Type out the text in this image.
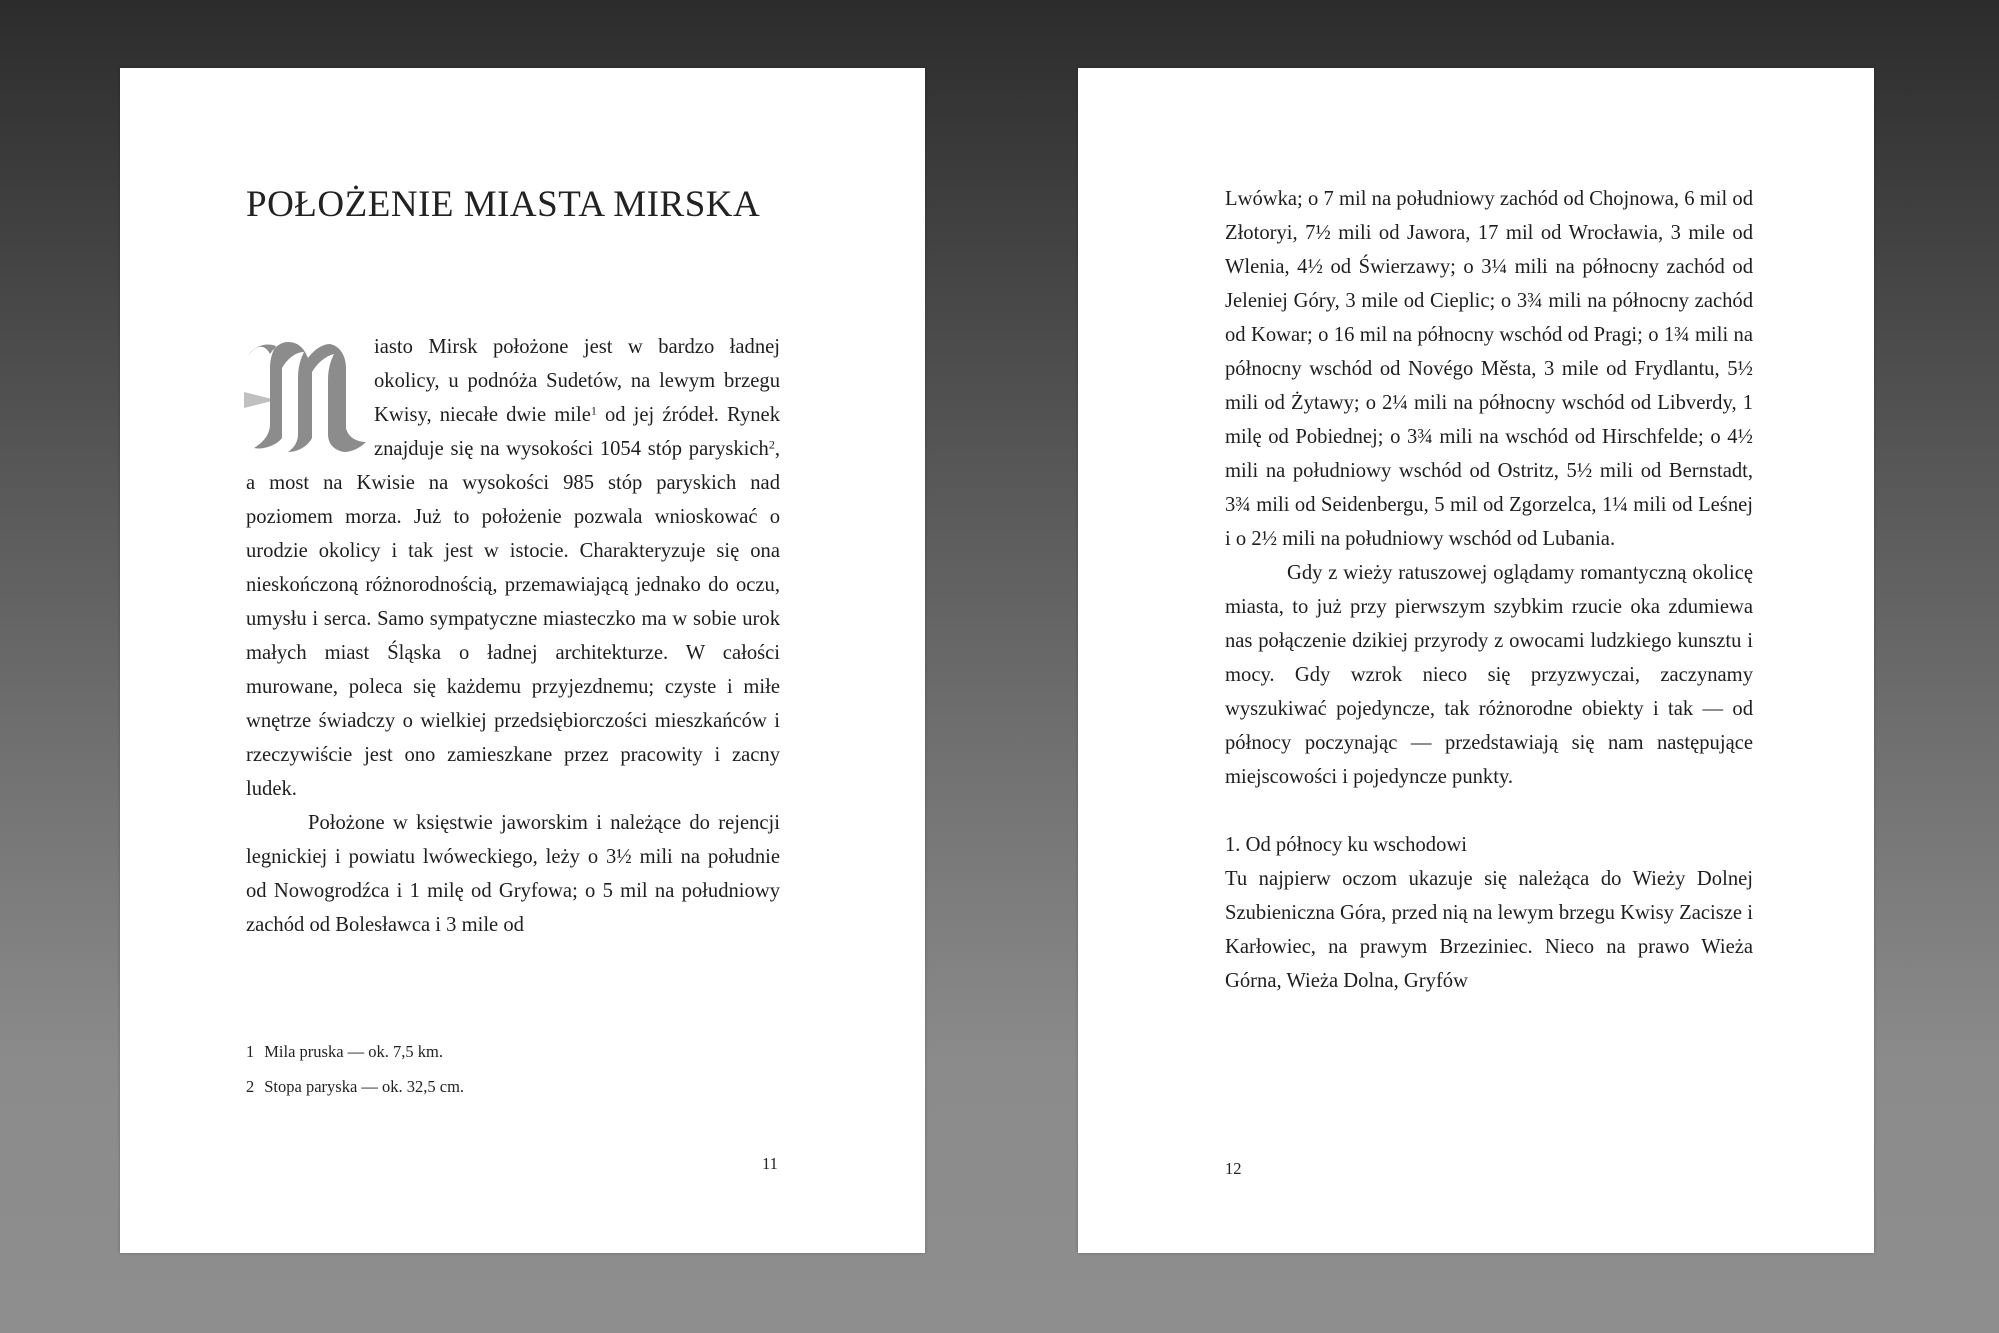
POŁOŻENIE MIASTA MIRSKA

iasto Mirsk położone jest w bardzo ładnej okolicy, u podnóża Sudetów, na lewym brzegu Kwisy, niecałe dwie mile$^1$ od jej źródeł. Rynek znajduje się na wysokości 1054 stóp paryskich$^2$, a most na Kwisie na wysokości 985 stóp paryskich nad poziomem morza. Już to położenie pozwala wnioskować o urodzie okolicy i tak jest w istocie. Charakteryzuje się ona nieskończoną różnorodnością, przemawiającą jednako do oczu, umysłu i serca. Samo sympatyczne miasteczko ma w sobie urok małych miast Śląska o ładnej architekturze. W całości murowane, poleca się każdemu przyjezdnemu; czyste i miłe wnętrze świadczy o wielkiej przedsiębiorczości mieszkańców i rzeczywiście jest ono zamieszkane przez pracowity i zacny ludek.

Położone w księstwie jaworskim i należące do rejencji legnickiej i powiatu lwóweckiego, leży o 3½ mili na południe od Nowogrodźca i 1 milę od Gryfowa; o 5 mil na południowy zachód od Bolesławca i 3 mile od

1 Mila pruska — ok. 7,5 km.
2 Stopa paryska — ok. 32,5 cm.
11

Lwówka; o 7 mil na południowy zachód od Chojnowa, 6 mil od Złotoryi, 7½ mili od Jawora, 17 mil od Wrocławia, 3 mile od Wlenia, 4½ od Świerzawy; o 3¼ mili na północny zachód od Jeleniej Góry, 3 mile od Cieplic; o 3¾ mili na północny zachód od Kowar; o 16 mil na północny wschód od Pragi; o 1¾ mili na północny wschód od Novégo Města, 3 mile od Frydlantu, 5½ mili od Żytawy; o 2¼ mili na północny wschód od Libverdy, 1 milę od Pobiednej; o 3¾ mili na wschód od Hirschfelde; o 4½ mili na południowy wschód od Ostritz, 5½ mili od Bernstadt, 3¾ mili od Seidenbergu, 5 mil od Zgorzelca, 1¼ mili od Leśnej i o 2½ mili na południowy wschód od Lubania.

Gdy z wieży ratuszowej oglądamy romantyczną okolicę miasta, to już przy pierwszym szybkim rzucie oka zdumiewa nas połączenie dzikiej przyrody z owocami ludzkiego kunsztu i mocy. Gdy wzrok nieco się przyzwyczai, zaczynamy wyszukiwać pojedyncze, tak różnorodne obiekty i tak — od północy poczynając — przedstawiają się nam następujące miejscowości i pojedyncze punkty.

1. Od północy ku wschodowi

Tu najpierw oczom ukazuje się należąca do Wieży Dolnej Szubieniczna Góra, przed nią na lewym brzegu Kwisy Zacisze i Karłowiec, na prawym Brzeziniec. Nieco na prawo Wieża Górna, Wieża Dolna, Gryfów

12
